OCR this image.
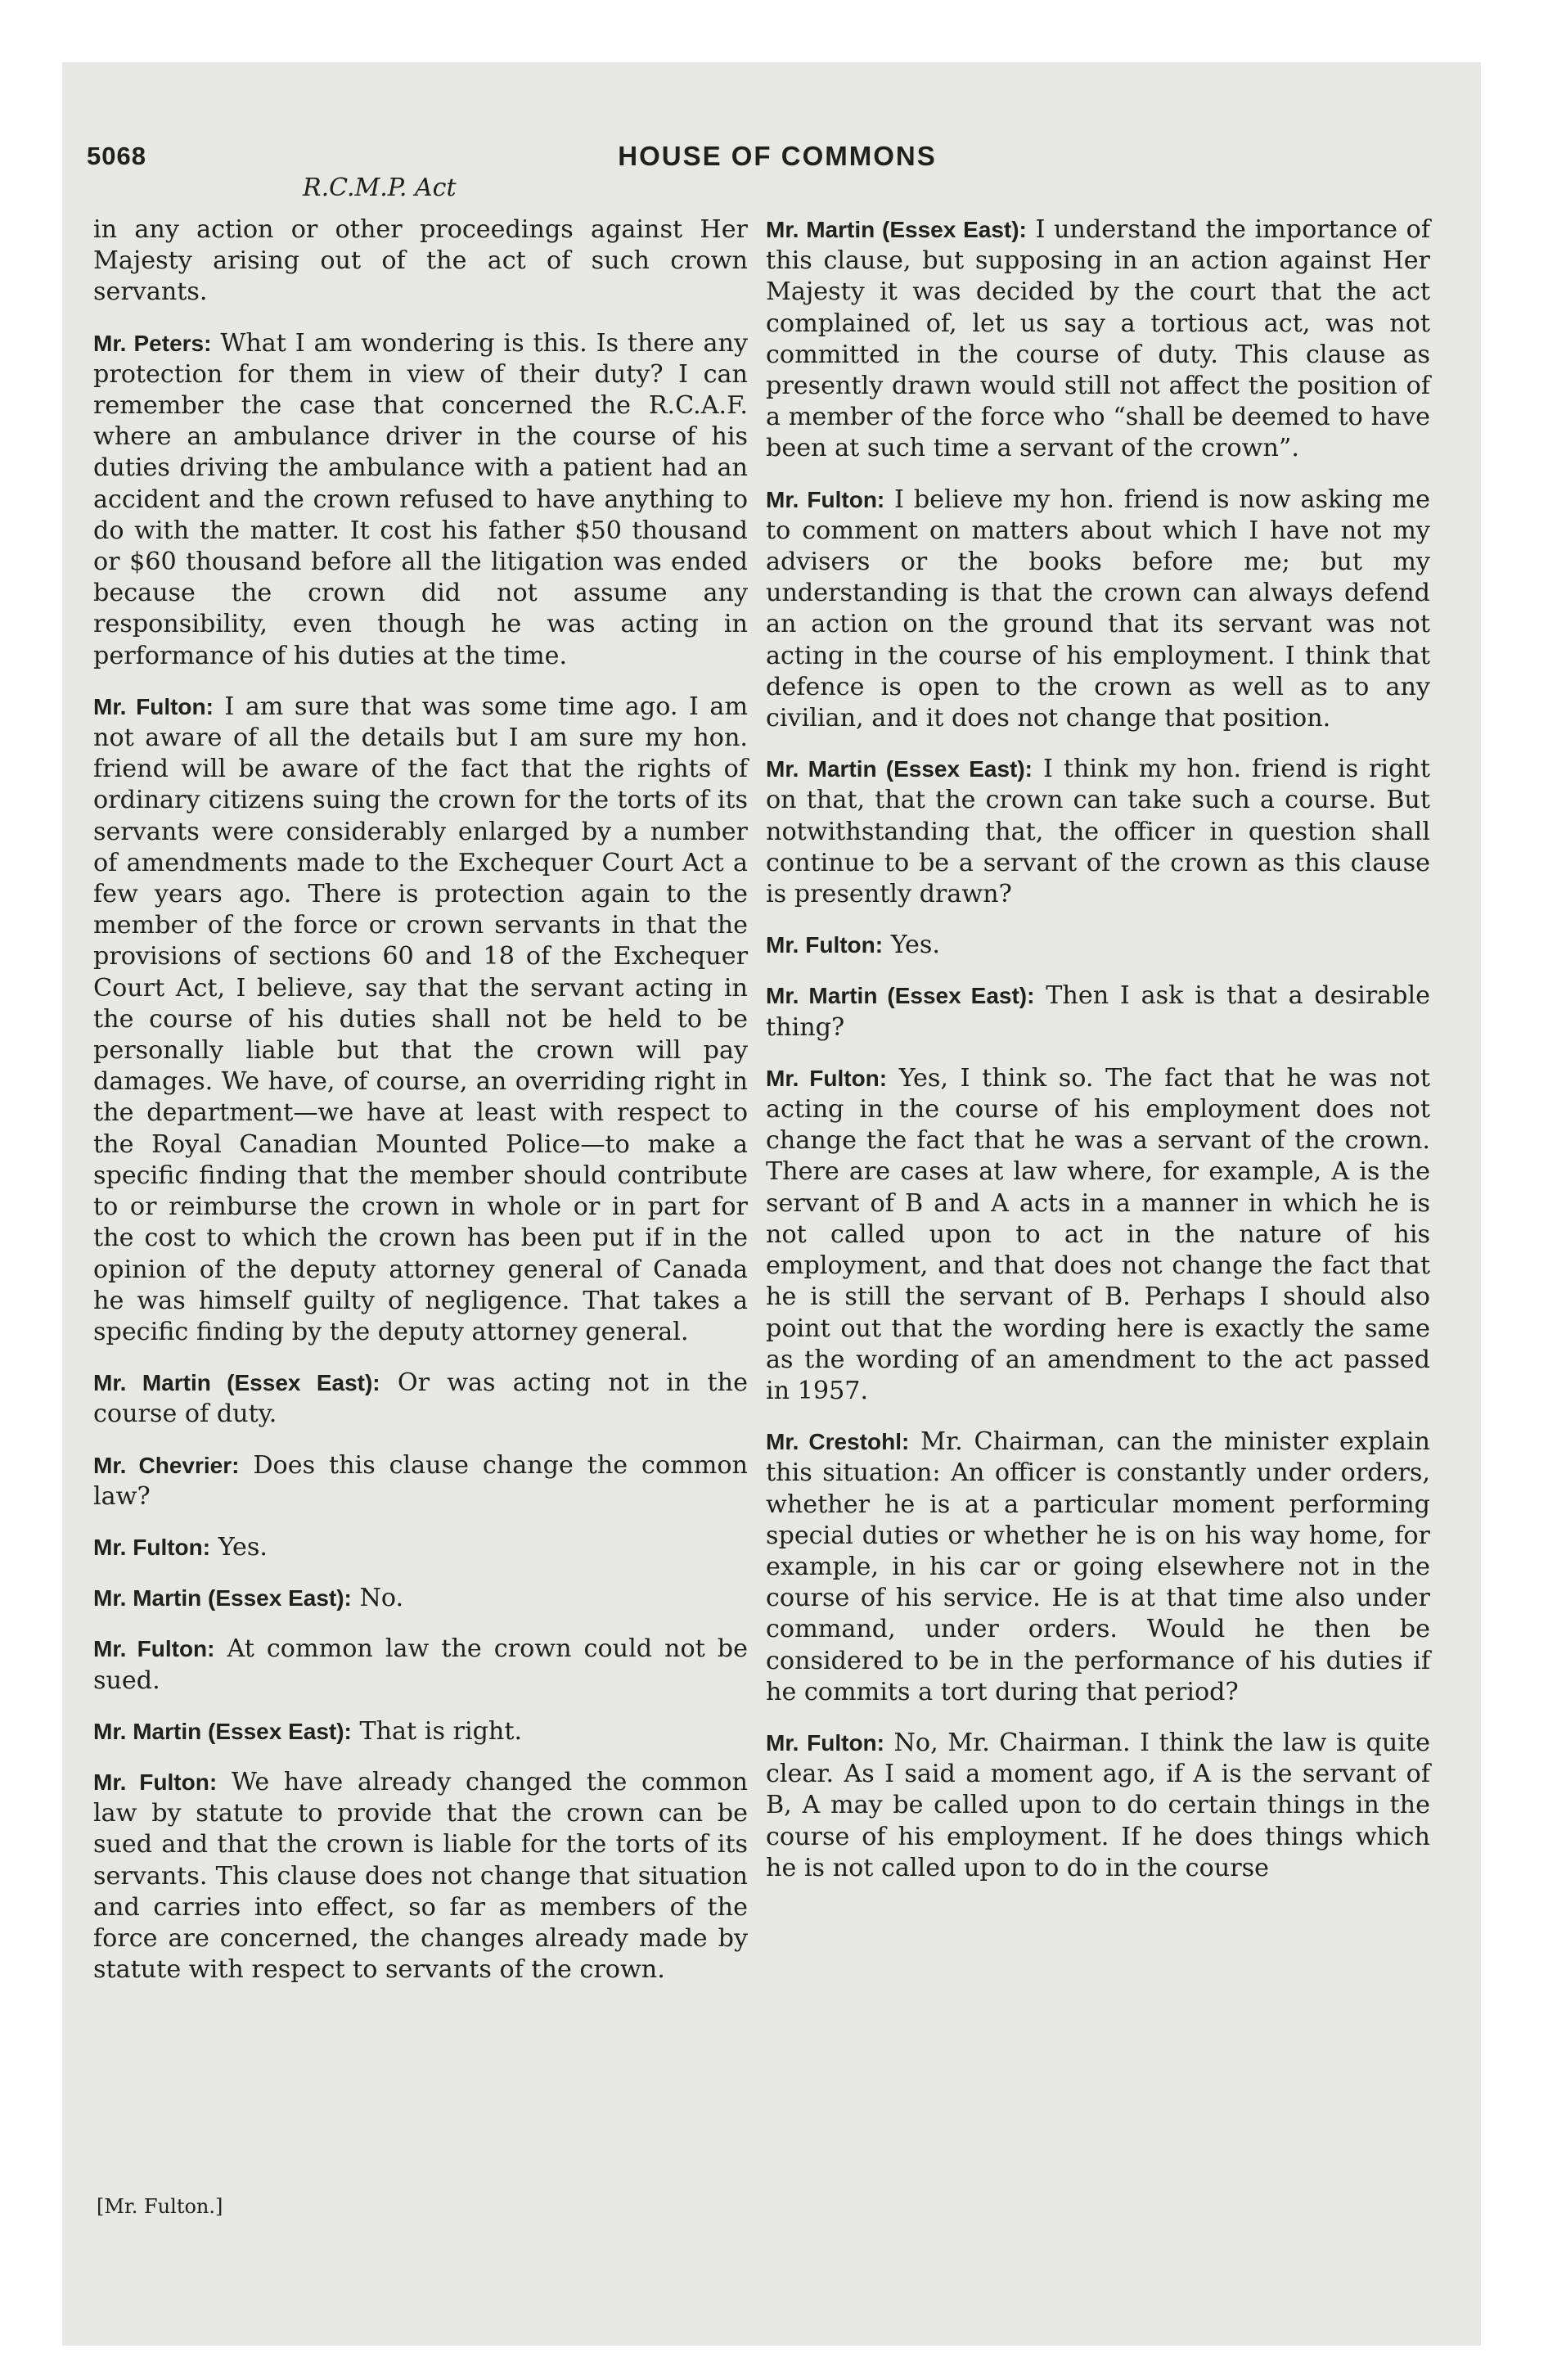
5068	HOUSE OF COMMONS
R.C.M.P. Act

in any action or other proceedings against Her Majesty arising out of the act of such crown servants.

Mr. Peters: What I am wondering is this. Is there any protection for them in view of their duty? I can remember the case that concerned the R.C.A.F. where an ambulance driver in the course of his duties driving the ambulance with a patient had an accident and the crown refused to have anything to do with the matter. It cost his father $50 thousand or $60 thousand before all the litigation was ended because the crown did not assume any responsibility, even though he was acting in performance of his duties at the time.

Mr. Fulton: I am sure that was some time ago. I am not aware of all the details but I am sure my hon. friend will be aware of the fact that the rights of ordinary citizens suing the crown for the torts of its servants were considerably enlarged by a number of amendments made to the Exchequer Court Act a few years ago. There is protection again to the member of the force or crown servants in that the provisions of sections 60 and 18 of the Exchequer Court Act, I believe, say that the servant acting in the course of his duties shall not be held to be personally liable but that the crown will pay damages. We have, of course, an overriding right in the department—we have at least with respect to the Royal Canadian Mounted Police—to make a specific finding that the member should contribute to or reimburse the crown in whole or in part for the cost to which the crown has been put if in the opinion of the deputy attorney general of Canada he was himself guilty of negligence. That takes a specific finding by the deputy attorney general.

Mr. Martin (Essex East): Or was acting not in the course of duty.

Mr. Chevrier: Does this clause change the common law?

Mr. Fulton: Yes.

Mr. Martin (Essex East): No.

Mr. Fulton: At common law the crown could not be sued.

Mr. Martin (Essex East): That is right.

Mr. Fulton: We have already changed the common law by statute to provide that the crown can be sued and that the crown is liable for the torts of its servants. This clause does not change that situation and carries into effect, so far as members of the force are concerned, the changes already made by statute with respect to servants of the crown.

Mr. Martin (Essex East): I understand the importance of this clause, but supposing in an action against Her Majesty it was decided by the court that the act complained of, let us say a tortious act, was not committed in the course of duty. This clause as presently drawn would still not affect the position of a member of the force who “shall be deemed to have been at such time a servant of the crown”.

Mr. Fulton: I believe my hon. friend is now asking me to comment on matters about which I have not my advisers or the books before me; but my understanding is that the crown can always defend an action on the ground that its servant was not acting in the course of his employment. I think that defence is open to the crown as well as to any civilian, and it does not change that position.

Mr. Martin (Essex East): I think my hon. friend is right on that, that the crown can take such a course. But notwithstanding that, the officer in question shall continue to be a servant of the crown as this clause is presently drawn?

Mr. Fulton: Yes.

Mr. Martin (Essex East): Then I ask is that a desirable thing?

Mr. Fulton: Yes, I think so. The fact that he was not acting in the course of his employment does not change the fact that he was a servant of the crown. There are cases at law where, for example, A is the servant of B and A acts in a manner in which he is not called upon to act in the nature of his employment, and that does not change the fact that he is still the servant of B. Perhaps I should also point out that the wording here is exactly the same as the wording of an amendment to the act passed in 1957.

Mr. Crestohl: Mr. Chairman, can the minister explain this situation: An officer is constantly under orders, whether he is at a particular moment performing special duties or whether he is on his way home, for example, in his car or going elsewhere not in the course of his service. He is at that time also under command, under orders. Would he then be considered to be in the performance of his duties if he commits a tort during that period?

Mr. Fulton: No, Mr. Chairman. I think the law is quite clear. As I said a moment ago, if A is the servant of B, A may be called upon to do certain things in the course of his employment. If he does things which he is not called upon to do in the course

[Mr. Fulton.]
